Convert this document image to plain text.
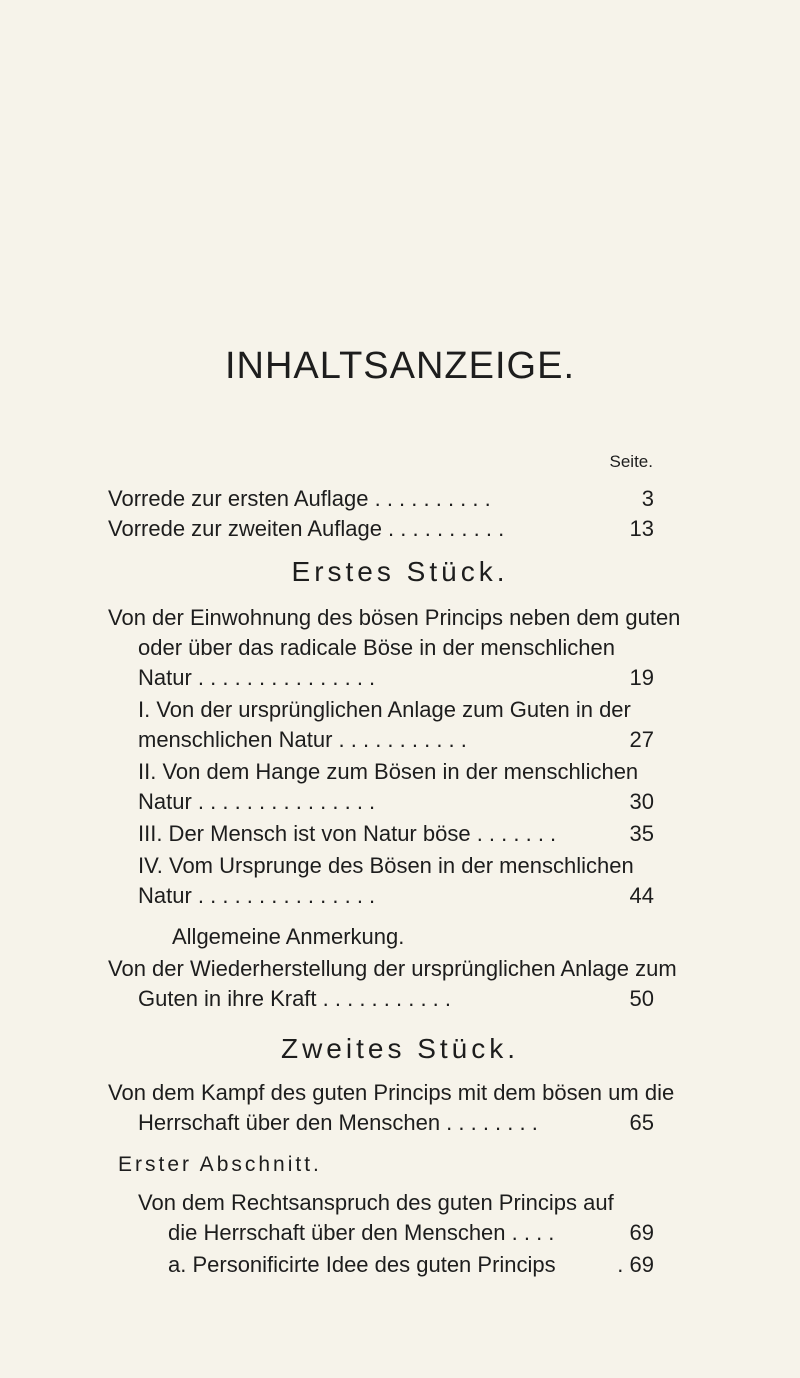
INHALTSANZEIGE.
Seite.
Vorrede zur ersten Auflage . . . . . . . . . .	3
Vorrede zur zweiten Auflage . . . . . . . . . .	13
Erstes Stück.
Von der Einwohnung des bösen Princips neben dem guten
oder über das radicale Böse in der menschlichen
Natur . . . . . . . . . . . . . . .	19
I. Von der ursprünglichen Anlage zum Guten in der
menschlichen Natur . . . . . . . . . . .	27
II. Von dem Hange zum Bösen in der menschlichen
Natur . . . . . . . . . . . . . . .	30
III. Der Mensch ist von Natur böse . . . . . . .	35
IV. Vom Ursprunge des Bösen in der menschlichen
Natur . . . . . . . . . . . . . . .	44
Allgemeine Anmerkung.
Von der Wiederherstellung der ursprünglichen Anlage zum
Guten in ihre Kraft . . . . . . . . . . .	50
Zweites Stück.
Von dem Kampf des guten Princips mit dem bösen um die
Herrschaft über den Menschen . . . . . . . .	65
Erster Abschnitt.
Von dem Rechtsanspruch des guten Princips auf
die Herrschaft über den Menschen . . . .	69
a. Personificirte Idee des guten Princips	. 69
